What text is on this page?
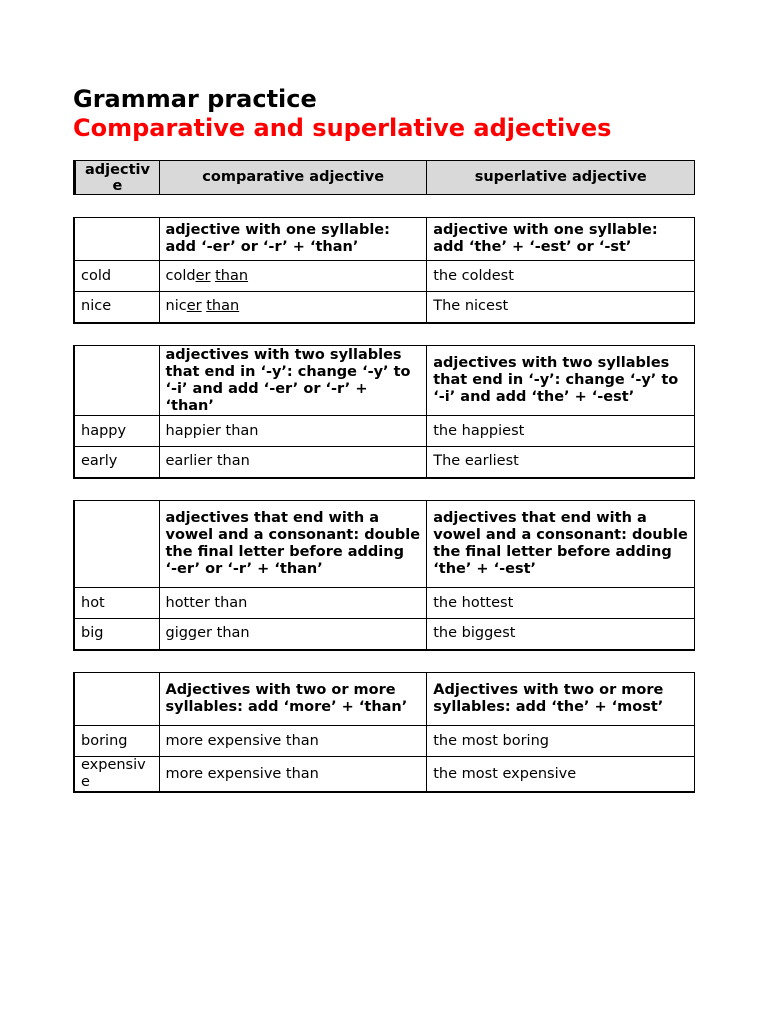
Grammar practice
Comparative and superlative adjectives
adjective	comparative adjective	superlative adjective
	adjective with one syllable: add ‘-er’ or ‘-r’ + ‘than’	adjective with one syllable: add ‘the’ + ‘-est’ or ‘-st’
cold	colder than	the coldest
nice	nicer than	The nicest
	adjectives with two syllables that end in ‘-y’: change ‘-y’ to ‘-i’ and add ‘-er’ or ‘-r’ + ‘than’	adjectives with two syllables that end in ‘-y’: change ‘-y’ to ‘-i’ and add ‘the’ + ‘-est’
happy	happier than	the happiest
early	earlier than	The earliest
	adjectives that end with a vowel and a consonant: double the final letter before adding ‘-er’ or ‘-r’ + ‘than’	adjectives that end with a vowel and a consonant: double the final letter before adding ‘the’ + ‘-est’
hot	hotter than	the hottest
big	gigger than	the biggest
	Adjectives with two or more syllables: add ‘more’ + ‘than’	Adjectives with two or more syllables: add ‘the’ + ‘most’
boring	more expensive than	the most boring
expensive	more expensive than	the most expensive
